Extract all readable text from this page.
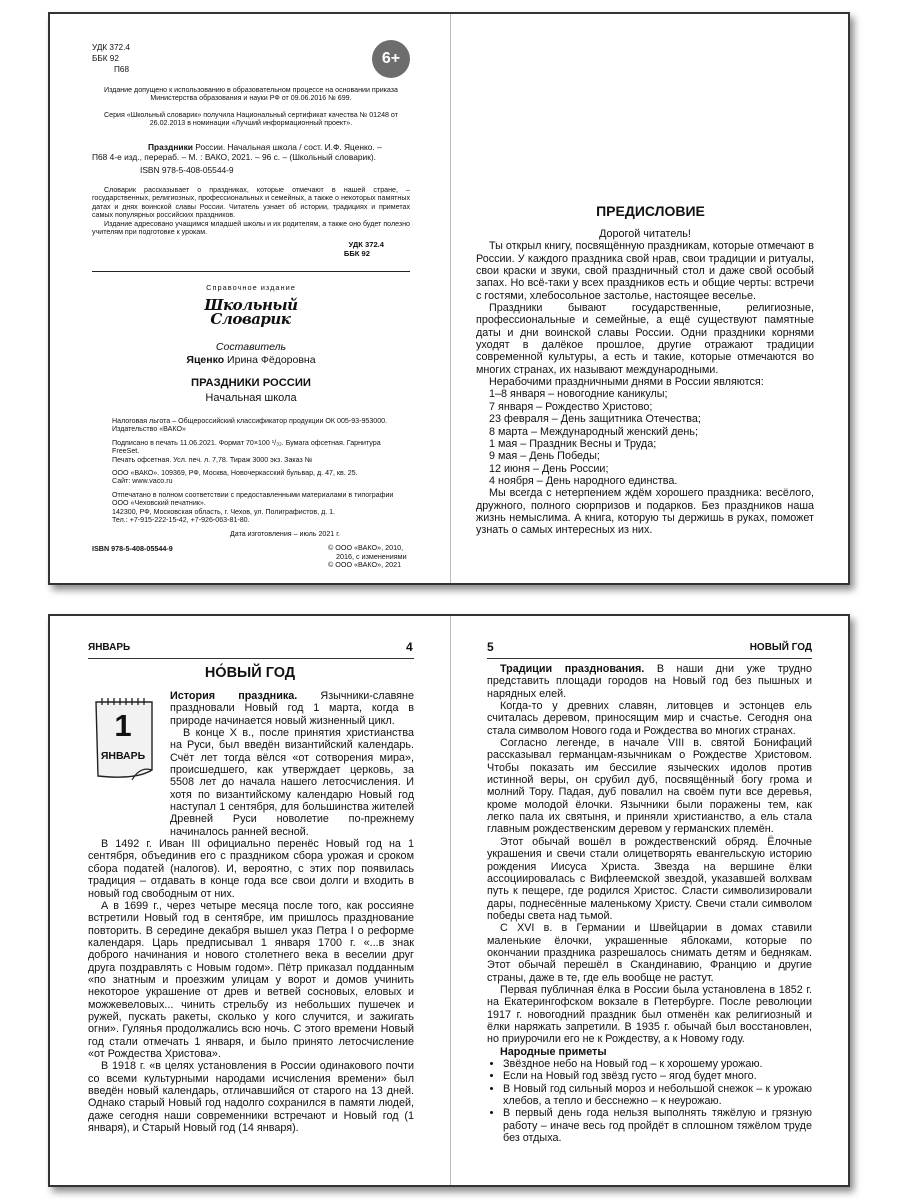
УДК 372.4
ББК 92
П68
6+

Издание допущено к использованию в образовательном процессе на основании приказа Министерства образования и науки РФ от 09.06.2016 № 699.

Серия «Школьный словарик» получила Национальный сертификат качества № 01248 от 26.02.2013 в номинации «Лучший информационный проект».

Праздники России. Начальная школа / сост. И.Ф. Яценко. –

П68 4-е изд., перераб. – М. : ВАКО, 2021. – 96 с. – (Школьный словарик).

ISBN 978-5-408-05544-9

Словарик рассказывает о праздниках, которые отмечают в нашей стране, – государственных, религиозных, профессиональных и семейных, а также о некоторых памятных датах и днях воинской славы России. Читатель узнает об истории, традициях и приметах самых популярных российских праздников.

Издание адресовано учащимся младшей школы и их родителям, а также оно будет полезно учителям при подготовке к урокам.

УДК 372.4
ББК 92
Справочное издание
Школьный
Словарик
Составитель
Яценко Ирина Фёдоровна
ПРАЗДНИКИ РОССИИ
Начальная школа

Налоговая льгота – Общероссийский классификатор продукции ОК 005-93-953000.

Издательство «ВАКО»

Подписано в печать 11.06.2021. Формат 70×100 ¹/₃₂. Бумага офсетная. Гарнитура FreeSet.

Печать офсетная. Усл. печ. л. 7,78. Тираж 3000 экз. Заказ №

ООО «ВАКО». 109369, РФ, Москва, Новочеркасский бульвар, д. 47, кв. 25.

Сайт: www.vaco.ru

Отпечатано в полном соответствии с предоставленными материалами в типографии ООО «Чеховский печатник».

142300, РФ, Московская область, г. Чехов, ул. Полиграфистов, д. 1.

Тел.: +7-915-222-15-42, +7-926-063-81-80.

Дата изготовления – июль 2021 г.

ISBN 978-5-408-05544-9	© ООО «ВАКО», 2010,
2016, с изменениями
© ООО «ВАКО», 2021
ПРЕДИСЛОВИЕ

Дорогой читатель!

Ты открыл книгу, посвящённую праздникам, которые отмечают в России. У каждого праздника свой нрав, свои традиции и ритуалы, свои краски и звуки, свой праздничный стол и даже свой особый запах. Но всё-таки у всех праздников есть и общие черты: встречи с гостями, хлебосольное застолье, настоящее веселье.

Праздники бывают государственные, религиозные, профессиональные и семейные, а ещё существуют памятные даты и дни воинской славы России. Одни праздники корнями уходят в далёкое прошлое, другие отражают традиции современной культуры, а есть и такие, которые отмечаются во многих странах, их называют международными.

Нерабочими праздничными днями в России являются:

1–8 января – новогодние каникулы;

7 января – Рождество Христово;

23 февраля – День защитника Отечества;

8 марта – Международный женский день;

1 мая – Праздник Весны и Труда;

9 мая – День Победы;

12 июня – День России;

4 ноября – День народного единства.

Мы всегда с нетерпением ждём хорошего праздника: весёлого, дружного, полного сюрпризов и подарков. Без праздников наша жизнь немыслима. А книга, которую ты держишь в руках, поможет узнать о самых интересных из них.

ЯНВАРЬ	4
НО́ВЫЙ ГОД
1
ЯНВАРЬ

История праздника. Язычники-славяне праздновали Новый год 1 марта, когда в природе начинается новый жизненный цикл.

В конце X в., после принятия христианства на Руси, был введён византийский календарь. Счёт лет тогда вёлся «от сотворения мира», происшедшего, как утверждает церковь, за 5508 лет до начала нашего летосчисления. И хотя по византийскому календарю Новый год наступал 1 сентября, для большинства жителей Древней Руси новолетие по-прежнему начиналось ранней весной.

В 1492 г. Иван III официально перенёс Новый год на 1 сентября, объединив его с праздником сбора урожая и сроком сбора податей (налогов). И, вероятно, с этих пор появилась традиция – отдавать в конце года все свои долги и входить в новый год свободным от них.

А в 1699 г., через четыре месяца после того, как россияне встретили Новый год в сентябре, им пришлось празднование повторить. В середине декабря вышел указ Петра I о реформе календаря. Царь предписывал 1 января 1700 г. «...в знак доброго начинания и нового столетнего века в веселии друг друга поздравлять с Новым годом». Пётр приказал подданным «по знатным и проезжим улицам у ворот и домов учинить некоторое украшение от древ и ветвей сосновых, еловых и можжевеловых... чинить стрельбу из небольших пушечек и ружей, пускать ракеты, сколько у кого случится, и зажигать огни». Гулянья продолжались всю ночь. С этого времени Новый год стали отмечать 1 января, и было принято летосчисление «от Рождества Христова».

В 1918 г. «в целях установления в России одинакового почти со всеми культурными народами исчисления времени» был введён новый календарь, отличавшийся от старого на 13 дней. Однако старый Новый год надолго сохранился в памяти людей, даже сегодня наши современники встречают и Новый год (1 января), и Старый Новый год (14 января).

5	НОВЫЙ ГОД

Традиции празднования. В наши дни уже трудно представить площади городов на Новый год без пышных и нарядных елей.

Когда-то у древних славян, литовцев и эстонцев ель считалась деревом, приносящим мир и счастье. Сегодня она стала символом Нового года и Рождества во многих странах.

Согласно легенде, в начале VIII в. святой Бонифаций рассказывал германцам-язычникам о Рождестве Христовом. Чтобы показать им бессилие языческих идолов против истинной веры, он срубил дуб, посвящённый богу грома и молний Тору. Падая, дуб повалил на своём пути все деревья, кроме молодой ёлочки. Язычники были поражены тем, как легко пала их святыня, и приняли христианство, а ель стала главным рождественским деревом у германских племён.

Этот обычай вошёл в рождественский обряд. Ёлочные украшения и свечи стали олицетворять евангельскую историю рождения Иисуса Христа. Звезда на вершине ёлки ассоциировалась с Вифлеемской звездой, указавшей волхвам путь к пещере, где родился Христос. Сласти символизировали дары, поднесённые маленькому Христу. Свечи стали символом победы света над тьмой.

С XVI в. в Германии и Швейцарии в домах ставили маленькие ёлочки, украшенные яблоками, которые по окончании праздника разрешалось снимать детям и беднякам. Этот обычай перешёл в Скандинавию, Францию и другие страны, даже в те, где ель вообще не растут.

Первая публичная ёлка в России была установлена в 1852 г. на Екатерингофском вокзале в Петербурге. После революции 1917 г. новогодний праздник был отменён как религиозный и ёлки наряжать запретили. В 1935 г. обычай был восстановлен, но приурочили его не к Рождеству, а к Новому году.

Народные приметы

• Звёздное небо на Новый год – к хорошему урожаю.
• Если на Новый год звёзд густо – ягод будет много.
• В Новый год сильный мороз и небольшой снежок – к урожаю хлебов, а тепло и бесснежно – к неурожаю.
• В первый день года нельзя выполнять тяжёлую и грязную работу – иначе весь год пройдёт в сплошном тяжёлом труде без отдыха.
